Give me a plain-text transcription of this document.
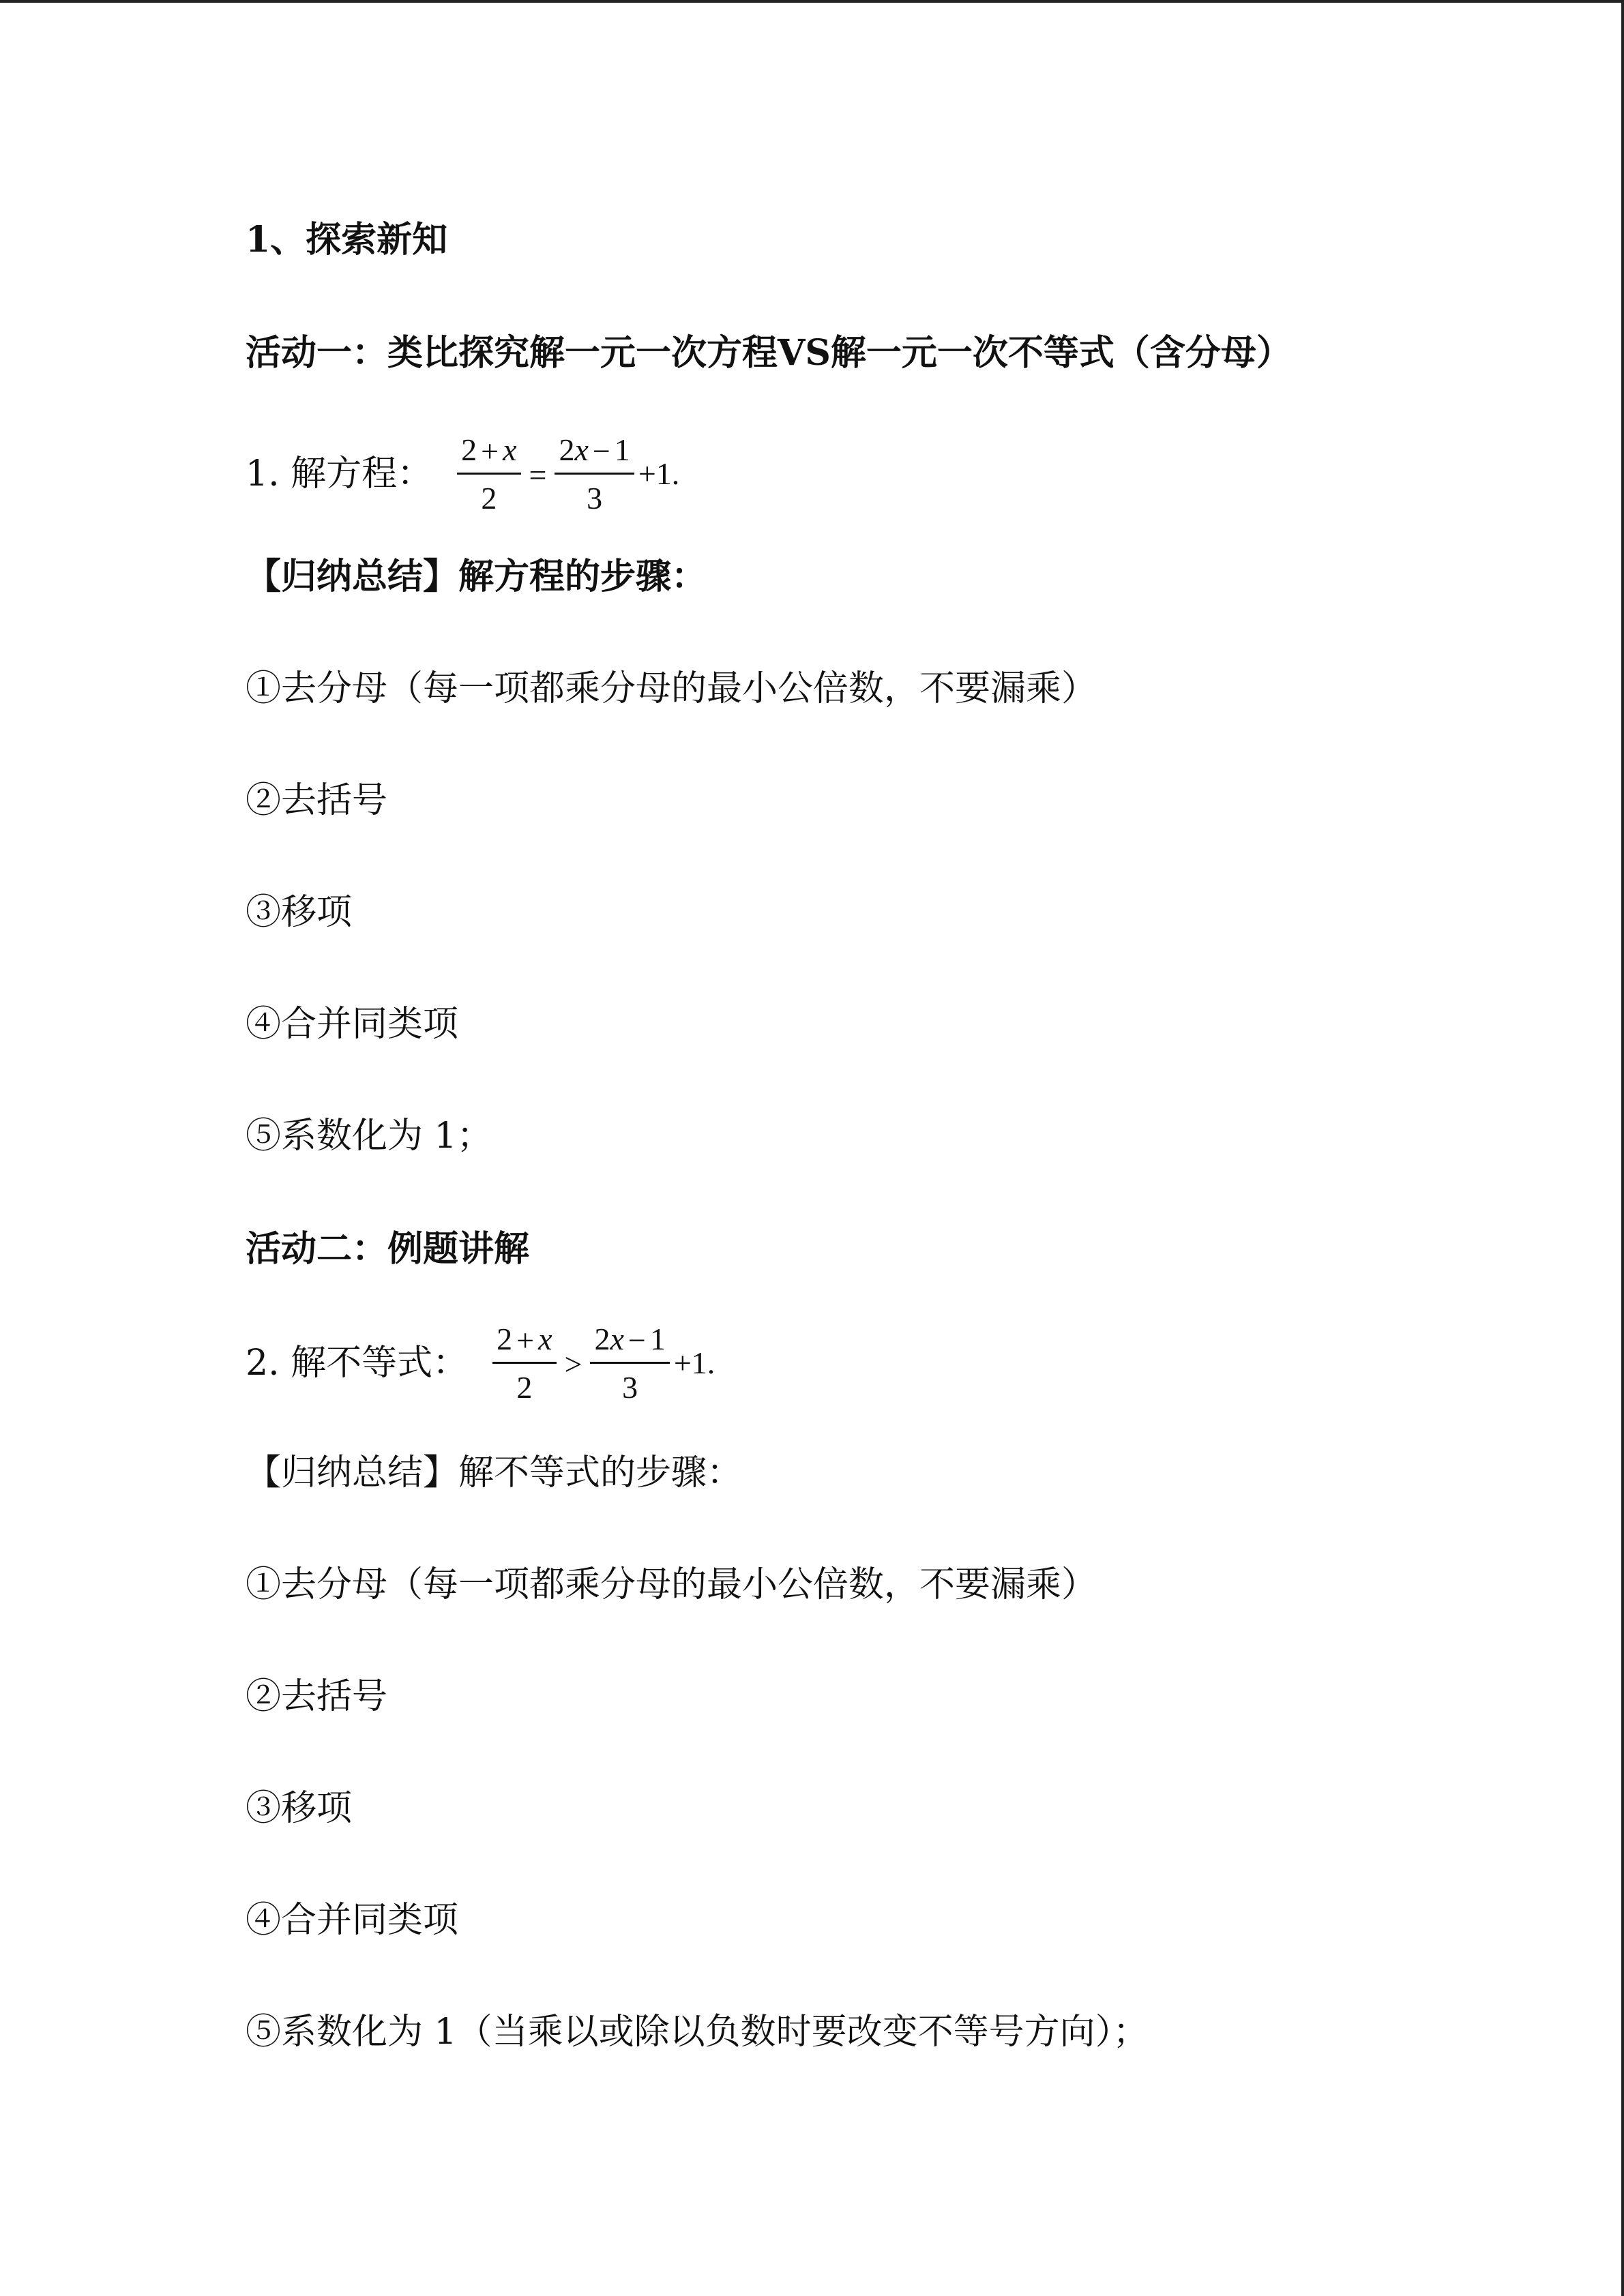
1、探索新知
活动一：类比探究解一元一次方程VS解一元一次不等式（含分母）
1. 解方程： $\frac{2 + x}{2} = \frac{2x - 1}{3} +1$.
【归纳总结】解方程的步骤：
①去分母（每一项都乘分母的最小公倍数，不要漏乘）
②去括号
③移项
④合并同类项
⑤系数化为 1；
活动二：例题讲解
2. 解不等式： $\frac{2 + x}{2} > \frac{2x - 1}{3} +1$.
【归纳总结】解不等式的步骤：
①去分母（每一项都乘分母的最小公倍数，不要漏乘）
②去括号
③移项
④合并同类项
⑤系数化为 1（当乘以或除以负数时要改变不等号方向）；
